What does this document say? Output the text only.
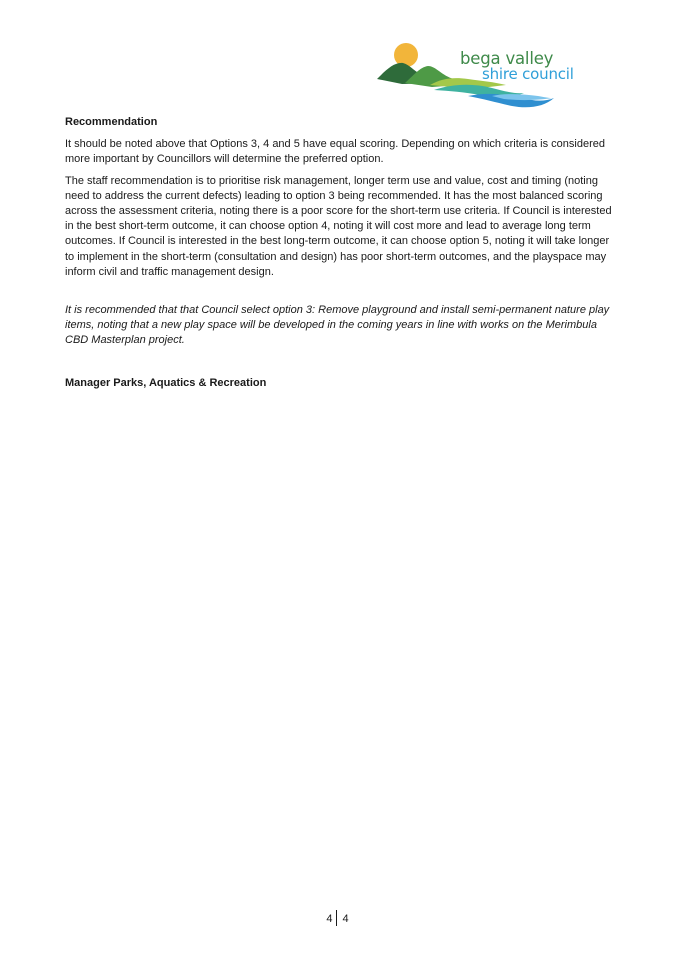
bega valley
shire council

Recommendation

It should be noted above that Options 3, 4 and 5 have equal scoring. Depending on which criteria is considered more important by Councillors will determine the preferred option.

The staff recommendation is to prioritise risk management, longer term use and value, cost and timing (noting need to address the current defects) leading to option 3 being recommended. It has the most balanced scoring across the assessment criteria, noting there is a poor score for the short-term use criteria. If Council is interested in the best short-term outcome, it can choose option 4, noting it will cost more and lead to average long term outcomes. If Council is interested in the best long-term outcome, it can choose option 5, noting it will take longer to implement in the short-term (consultation and design) has poor short-term outcomes, and the playspace may inform civil and traffic management design.

It is recommended that that Council select option 3: Remove playground and install semi-permanent nature play items, noting that a new play space will be developed in the coming years in line with works on the Merimbula CBD Masterplan project.

Manager Parks, Aquatics & Recreation

4 4
